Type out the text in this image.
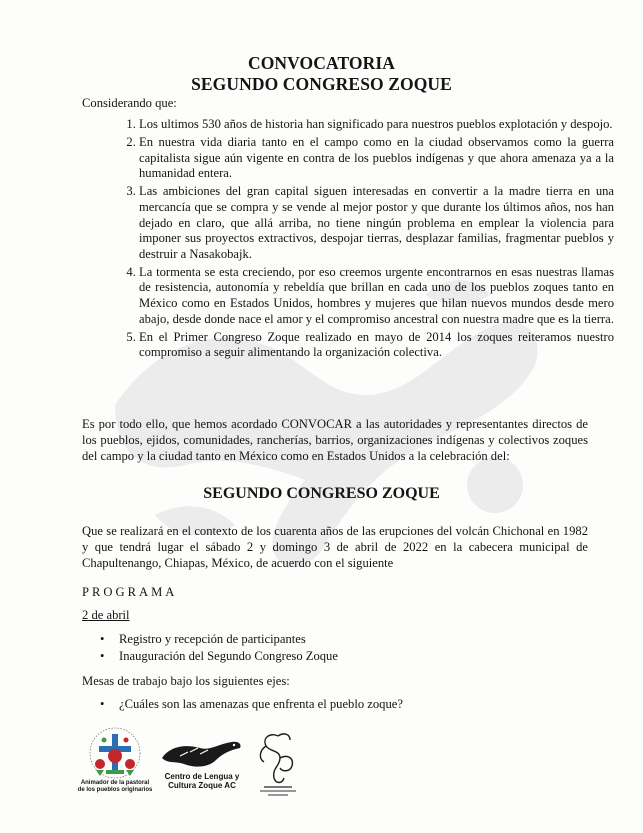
CONVOCATORIA
SEGUNDO CONGRESO ZOQUE
Considerando que:
1. Los ultimos 530 años de historia han significado para nuestros pueblos explotación y despojo.
2. En nuestra vida diaria tanto en el campo como en la ciudad observamos como la guerra capitalista sigue aún vigente en contra de los pueblos indígenas y que ahora amenaza ya a la humanidad entera.
3. Las ambiciones del gran capital siguen interesadas en convertir a la madre tierra en una mercancía que se compra y se vende al mejor postor y que durante los últimos años, nos han dejado en claro, que allá arriba, no tiene ningún problema en emplear la violencia para imponer sus proyectos extractivos, despojar tierras, desplazar familias, fragmentar pueblos y destruir a Nasakobajk.
4. La tormenta se esta creciendo, por eso creemos urgente encontrarnos en esas nuestras llamas de resistencia, autonomía y rebeldía que brillan en cada uno de los pueblos zoques tanto en México como en Estados Unidos, hombres y mujeres que hilan nuevos mundos desde mero abajo, desde donde nace el amor y el compromiso ancestral con nuestra madre que es la tierra.
5. En el Primer Congreso Zoque realizado en mayo de 2014 los zoques reiteramos nuestro compromiso a seguir alimentando la organización colectiva.
Es por todo ello, que hemos acordado CONVOCAR a las autoridades y representantes directos de los pueblos, ejidos, comunidades, rancherías, barrios, organizaciones indígenas y colectivos zoques del campo y la ciudad tanto en México como en Estados Unidos a la celebración del:
SEGUNDO CONGRESO ZOQUE
Que se realizará en el contexto de los cuarenta años de las erupciones del volcán Chichonal en 1982 y que tendrá lugar el sábado 2 y domingo 3 de abril de 2022 en la cabecera municipal de Chapultenango, Chiapas, México, de acuerdo con el siguiente
PROGRAMA
2 de abril
• Registro y recepción de participantes
• Inauguración del Segundo Congreso Zoque
Mesas de trabajo bajo los siguientes ejes:
• ¿Cuáles son las amenazas que enfrenta el pueblo zoque?
Animador de la pastoral
de los pueblos originarios
Centro de Lengua y
Cultura Zoque AC
